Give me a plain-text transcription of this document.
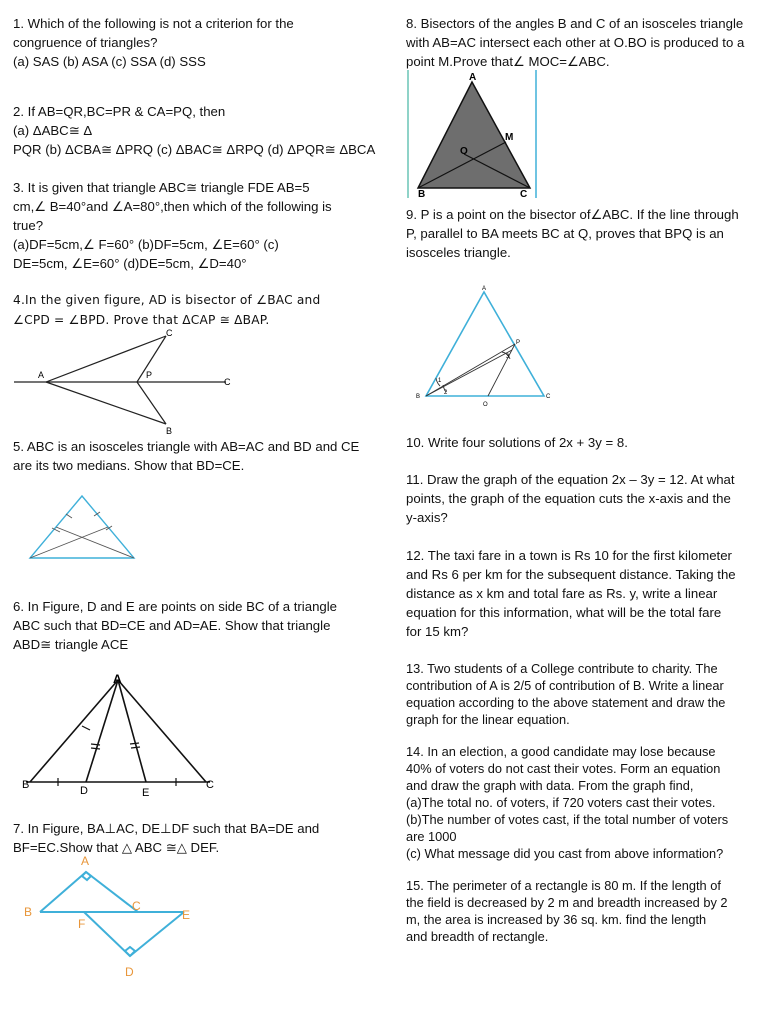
1. Which of the following is not a criterion for the
congruence of triangles?
(a) SAS (b) ASA (c) SSA (d) SSS
2. If AB=QR,BC=PR & CA=PQ, then
(a) ΔABC≅ Δ
PQR (b) ΔCBA≅ ΔPRQ (c) ΔBAC≅ ΔRPQ (d) ΔPQR≅ ΔBCA
3. It is given that triangle ABC≅ triangle FDE AB=5
cm,∠ B=40°and ∠A=80°,then which of the following is
true?
(a)DF=5cm,∠ F=60° (b)DF=5cm, ∠E=60° (c)
DE=5cm, ∠E=60° (d)DE=5cm, ∠D=40°
4.In the given figure, AD is bisector of ∠BAC and
∠CPD = ∠BPD. Prove that ΔCAP ≅ ΔBAP.
A	P
C
B
C
5. ABC is an isosceles triangle with AB=AC and BD and CE
are its two medians. Show that BD=CE.
6. In Figure, D and E are points on side BC of a triangle
ABC such that BD=CE and AD=AE. Show that triangle
ABD≅ triangle ACE
A
B	D	E
C
7. In Figure, BA⊥AC, DE⊥DF such that BA=DE and
BF=EC.Show that △ ABC ≅△ DEF.
A
B	C
E
F
D
8. Bisectors of the angles B and C of an isosceles triangle
with AB=AC intersect each other at O.BO is produced to a
point M.Prove that∠ MOC=∠ABC.
A
B	C
O
M
9. P is a point on the bisector of∠ABC. If the line through
P, parallel to BA meets BC at Q, proves that BPQ is an
isosceles triangle.
A
B	C
P
O
1
2
3
10. Write four solutions of 2x + 3y = 8.
11. Draw the graph of the equation 2x – 3y = 12. At what
points, the graph of the equation cuts the x-axis and the
y-axis?
12. The taxi fare in a town is Rs 10 for the first kilometer
and Rs 6 per km for the subsequent distance. Taking the
distance as x km and total fare as Rs. y, write a linear
equation for this information, what will be the total fare
for 15 km?
13. Two students of a College contribute to charity. The
contribution of A is 2/5 of contribution of B. Write a linear
equation according to the above statement and draw the
graph for the linear equation.
14. In an election, a good candidate may lose because
40% of voters do not cast their votes. Form an equation
and draw the graph with data. From the graph find,
(a)The total no. of voters, if 720 voters cast their votes.
(b)The number of votes cast, if the total number of voters
are 1000
(c) What message did you cast from above information?
15. The perimeter of a rectangle is 80 m. If the length of
the field is decreased by 2 m and breadth increased by 2
m, the area is increased by 36 sq. km. find the length
and breadth of rectangle.
